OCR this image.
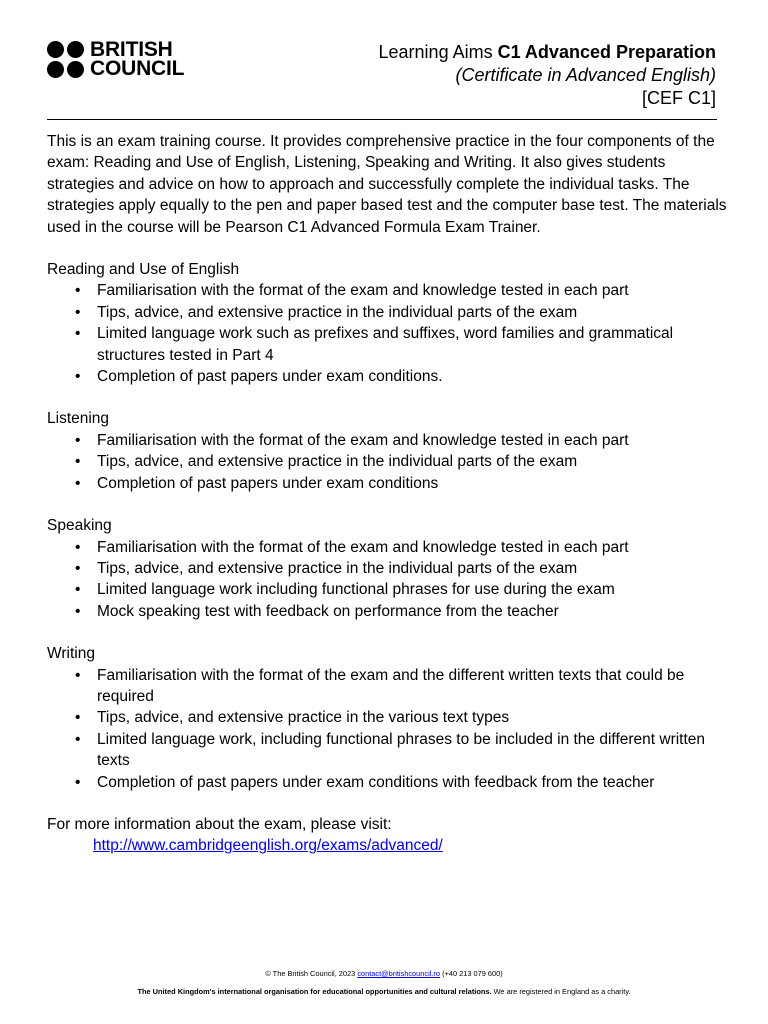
BRITISH
COUNCIL
Learning Aims C1 Advanced Preparation
(Certificate in Advanced English)
[CEF C1]

This is an exam training course. It provides comprehensive practice in the four components of the exam: Reading and Use of English, Listening, Speaking and Writing. It also gives students strategies and advice on how to approach and successfully complete the individual tasks. The strategies apply equally to the pen and paper based test and the computer base test. The materials used in the course will be Pearson C1 Advanced Formula Exam Trainer.

Reading and Use of English

• Familiarisation with the format of the exam and knowledge tested in each part
• Tips, advice, and extensive practice in the individual parts of the exam
• Limited language work such as prefixes and suffixes, word families and grammatical structures tested in Part 4
• Completion of past papers under exam conditions.

Listening

• Familiarisation with the format of the exam and knowledge tested in each part
• Tips, advice, and extensive practice in the individual parts of the exam
• Completion of past papers under exam conditions

Speaking

• Familiarisation with the format of the exam and knowledge tested in each part
• Tips, advice, and extensive practice in the individual parts of the exam
• Limited language work including functional phrases for use during the exam
• Mock speaking test with feedback on performance from the teacher

Writing

• Familiarisation with the format of the exam and the different written texts that could be required
• Tips, advice, and extensive practice in the various text types
• Limited language work, including functional phrases to be included in the different written texts
• Completion of past papers under exam conditions with feedback from the teacher

For more information about the exam, please visit:

http://www.cambridgeenglish.org/exams/advanced/
© The British Council, 2023 contact@britishcouncil.ro (+40 213 079 600)
The United Kingdom's international organisation for educational opportunities and cultural relations. We are registered in England as a charity.
